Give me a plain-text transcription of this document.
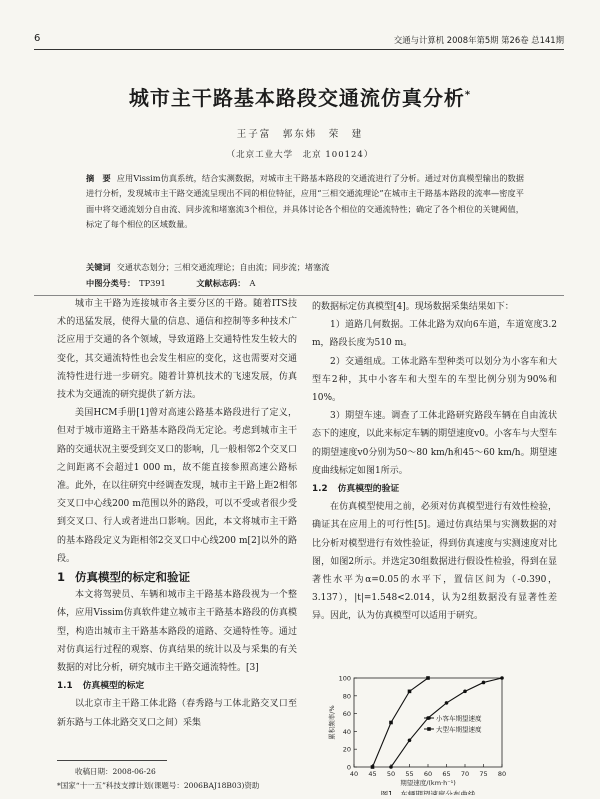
6	交通与计算机 2008年第5期 第26卷 总141期
城市主干路基本路段交通流仿真分析*
王子富　郭东炜　荣　建
（北京工业大学　北京 100124）
摘　要 应用Vissim仿真系统，结合实测数据，对城市主干路基本路段的交通流进行了分析。通过对仿真模型输出的数据进行分析，发现城市主干路交通流呈现出不同的相位特征，应用“三相交通流理论”在城市主干路基本路段的流率—密度平面中将交通流划分自由流、同步流和堵塞流3个相位，并具体讨论各个相位的交通流特性；确定了各个相位的关键阈值，标定了每个相位的区域数量。
关键词 交通状态划分；三相交通流理论；自由流；同步流；堵塞流
中图分类号： TP391	文献标志码： A

城市主干路为连接城市各主要分区的干路。随着ITS技术的迅猛发展，使得大量的信息、通信和控制等多种技术广泛应用于交通的各个领域，导致道路上交通特性发生较大的变化，其交通流特性也会发生相应的变化，这也需要对交通流特性进行进一步研究。随着计算机技术的飞速发展，仿真技术为交通流的研究提供了新方法。

美国HCM手册[1]曾对高速公路基本路段进行了定义，但对于城市道路主干路基本路段尚无定论。考虑到城市主干路的交通状况主要受到交叉口的影响，几一般相邻2个交叉口之间距离不会超过1 000 m，故不能直接参照高速公路标准。此外，在以往研究中经调查发现，城市主干路上距2相邻交叉口中心线200 m范围以外的路段，可以不受或者很少受到交叉口、行人或者进出口影响。因此，本文将城市主干路的基本路段定义为距相邻2交叉口中心线200 m[2]以外的路段。

1 仿真模型的标定和验证

本文将驾驶员、车辆和城市主干路基本路段视为一个整体，应用Vissim仿真软件建立城市主干路基本路段的仿真模型，构造出城市主干路基本路段的道路、交通特性等。通过对仿真运行过程的观察、仿真结果的统计以及与采集的有关数据的对比分析，研究城市主干路交通流特性。[3]

1.1 仿真模型的标定

以北京市主干路工体北路（春秀路与工体北路交叉口至新东路与工体北路交叉口之间）采集

的数据标定仿真模型[4]。现场数据采集结果如下：

1）道路几何数据。工体北路为双向6车道，车道宽度3.2 m，路段长度为510 m。

2）交通组成。工体北路车型种类可以划分为小客车和大型车2种，其中小客车和大型车的车型比例分别为90%和10%。

3）期望车速。调查了工体北路研究路段车辆在自由流状态下的速度，以此来标定车辆的期望速度v0。小客车与大型车的期望速度v0分别为50～80 km/h和45～60 km/h。期望速度曲线标定如图1所示。

1.2 仿真模型的验证

在仿真模型使用之前，必须对仿真模型进行有效性检验，确证其在应用上的可行性[5]。通过仿真结果与实测数据的对比分析对模型进行有效性验证，得到仿真速度与实测速度对比图，如图2所示。并选定30组数据进行假设性检验，得到在显著性水平为α=0.05的水平下，置信区间为（-0.390，3.137），|t|=1.548<2.014，认为2组数据没有显著性差异。因此，认为仿真模型可以适用于研究。

收稿日期：2008-06-26
*国家“十一五”科技支撑计划(课题号：2006BAJ18B03)资助
0
20
40
60
80
100
40 45 50 55 60 65 70 75 80
期望速度/(km·h⁻¹)
累积频率/%	小客车期望速度
大型车期望速度
图1　车辆期望速度分布曲线
